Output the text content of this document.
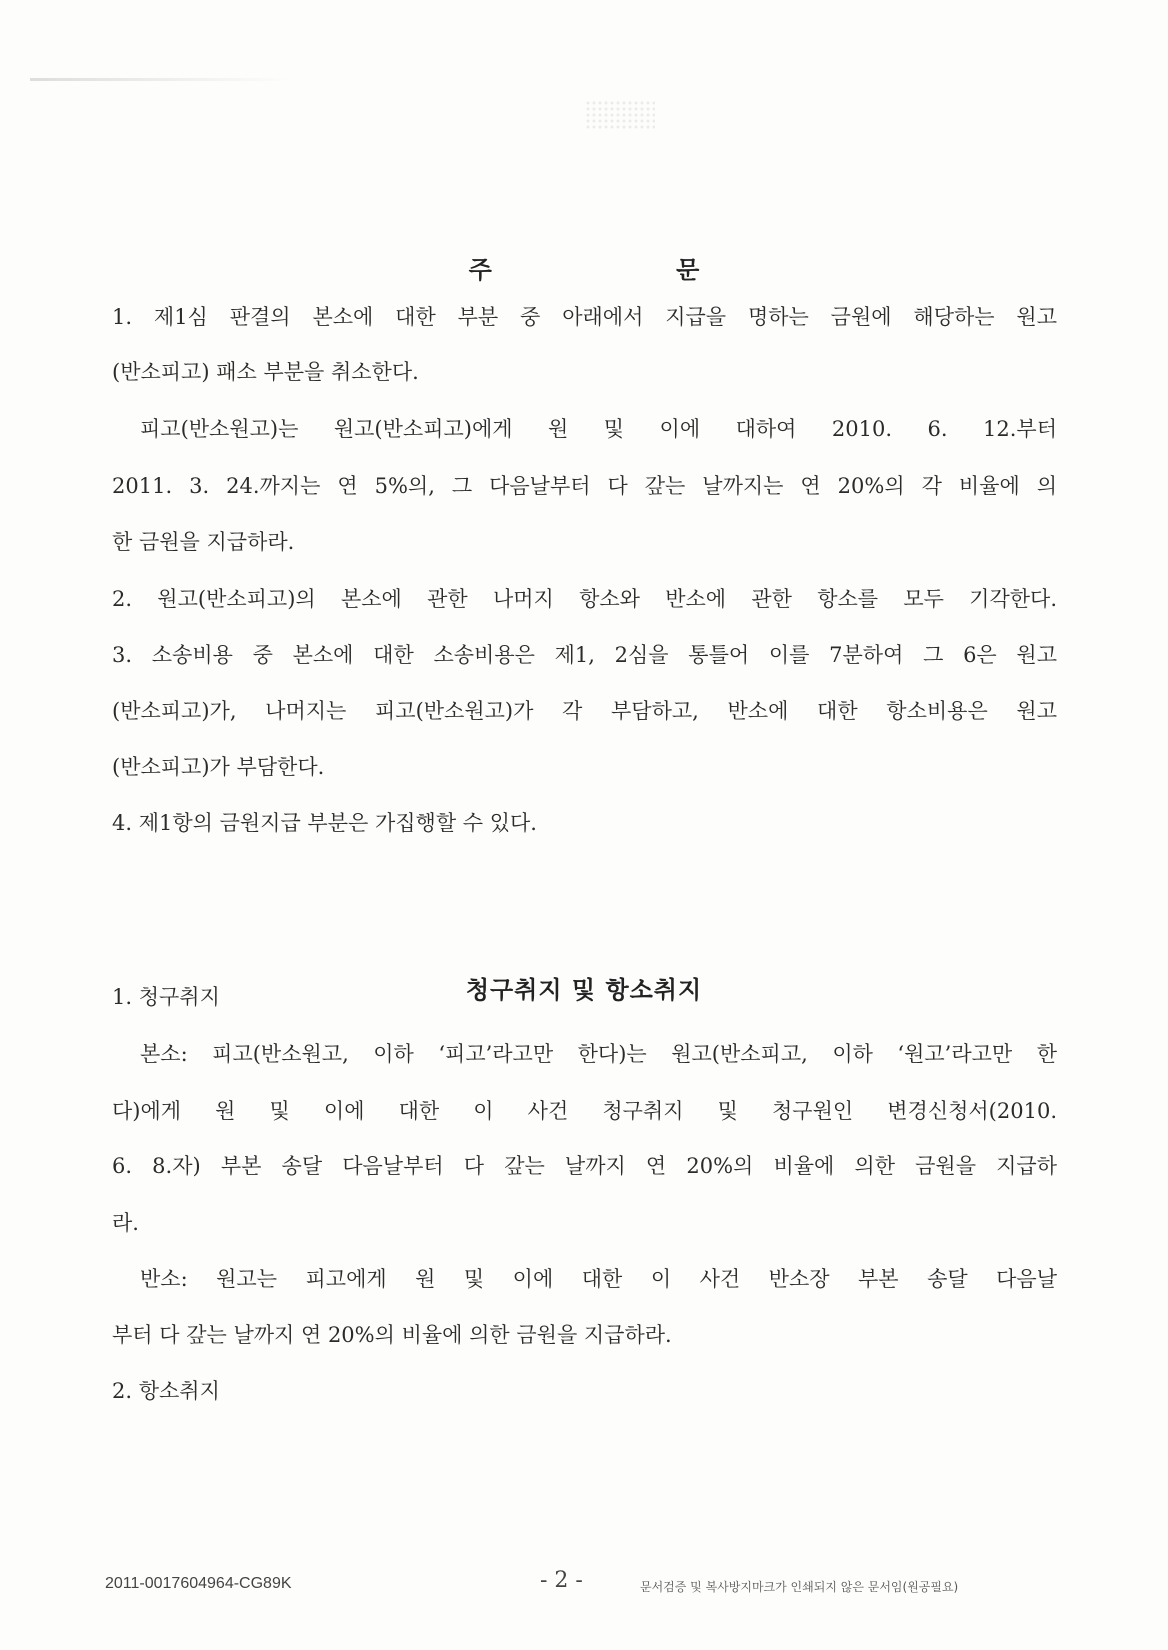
주 문
1. 제1심 판결의 본소에 대한 부분 중 아래에서 지급을 명하는 금원에 해당하는 원고
(반소피고) 패소 부분을 취소한다.
피고(반소원고)는 원고(반소피고)에게 원 및 이에 대하여 2010. 6. 12.부터
2011. 3. 24.까지는 연 5%의, 그 다음날부터 다 갚는 날까지는 연 20%의 각 비율에 의
한 금원을 지급하라.
2. 원고(반소피고)의 본소에 관한 나머지 항소와 반소에 관한 항소를 모두 기각한다.
3. 소송비용 중 본소에 대한 소송비용은 제1, 2심을 통틀어 이를 7분하여 그 6은 원고
(반소피고)가, 나머지는 피고(반소원고)가 각 부담하고, 반소에 대한 항소비용은 원고
(반소피고)가 부담한다.
4. 제1항의 금원지급 부분은 가집행할 수 있다.
청구취지 및 항소취지
1. 청구취지
본소: 피고(반소원고, 이하 ‘피고’라고만 한다)는 원고(반소피고, 이하 ‘원고’라고만 한
다)에게 원 및 이에 대한 이 사건 청구취지 및 청구원인 변경신청서(2010.
6. 8.자) 부본 송달 다음날부터 다 갚는 날까지 연 20%의 비율에 의한 금원을 지급하
라.
반소: 원고는 피고에게 원 및 이에 대한 이 사건 반소장 부본 송달 다음날
부터 다 갚는 날까지 연 20%의 비율에 의한 금원을 지급하라.
2. 항소취지
2011-0017604964-CG89K	- 2 -	문서검증 및 복사방지마크가 인쇄되지 않은 문서임(원공필요)
